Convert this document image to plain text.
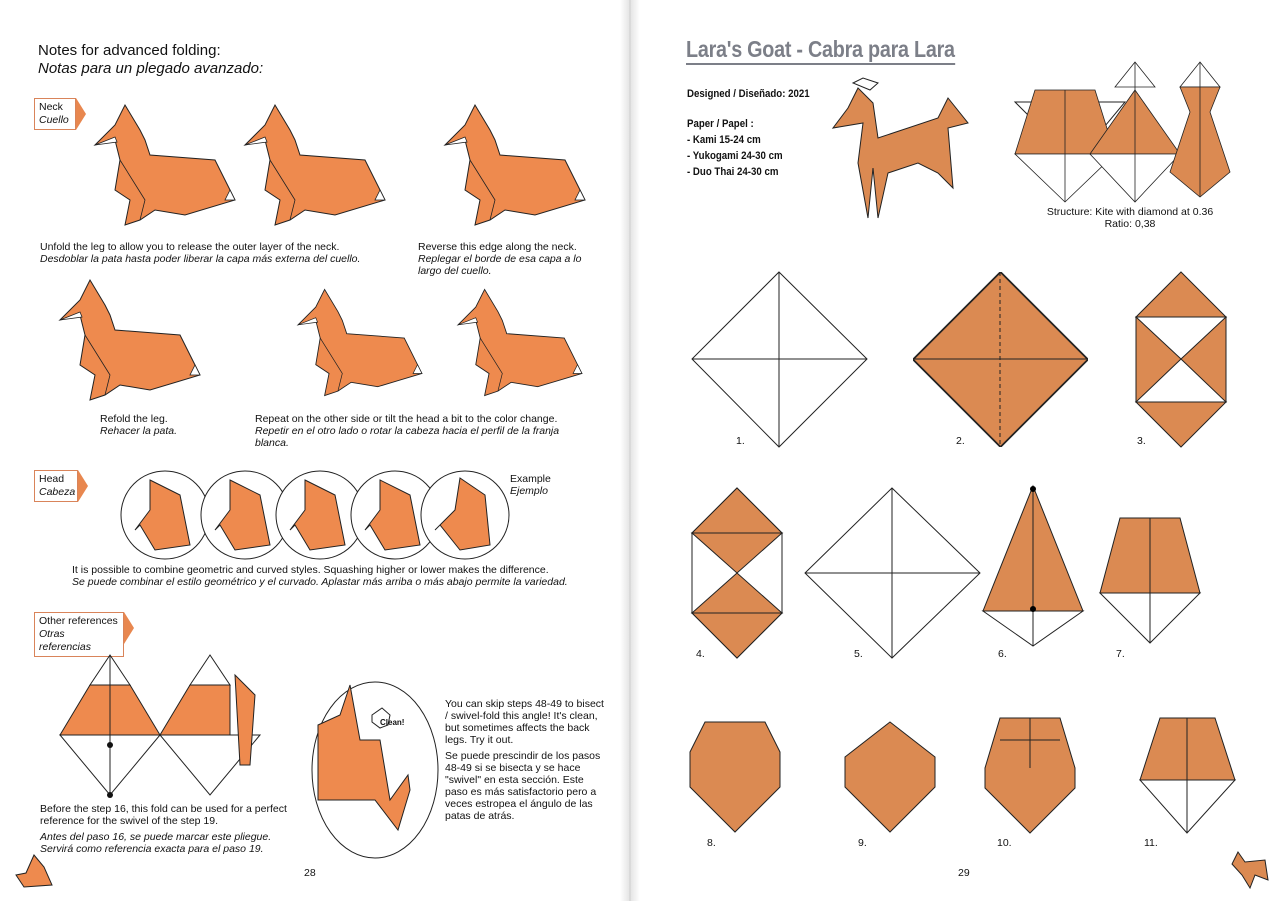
Notes for advanced folding:
Notas para un plegado avanzado:
Neck
Cuello
Unfold the leg to allow you to release the outer layer of the neck.
Desdoblar la pata hasta poder liberar la capa más externa del cuello.
Reverse this edge along the neck.
Replegar el borde de esa capa a lo largo del cuello.
Refold the leg.
Rehacer la pata.
Repeat on the other side or tilt the head a bit to the color change.
Repetir en el otro lado o rotar la cabeza hacia el perfil de la franja blanca.
Head
Cabeza
Example
Ejemplo
It is possible to combine geometric and curved styles. Squashing higher or lower makes the difference.
Se puede combinar el estilo geométrico y el curvado. Aplastar más arriba o más abajo permite la variedad.
Other references
Otras referencias
Before the step 16, this fold can be used for a perfect reference for the swivel of the step 19.
Antes del paso 16, se puede marcar este pliegue. Servirá como referencia exacta para el paso 19.
Clean!
You can skip steps 48-49 to bisect / swivel-fold this angle! It's clean, but sometimes affects the back legs. Try it out.
Se puede prescindir de los pasos 48-49 si se bisecta y se hace "swivel" en esta sección. Este paso es más satisfactorio pero a veces estropea el ángulo de las patas de atrás.
28
Lara's Goat - Cabra para Lara
Designed / Diseñado: 2021
Paper / Papel :
- Kami 15-24 cm
- Yukogami 24-30 cm
- Duo Thai 24-30 cm
Structure: Kite with diamond at 0.36
Ratio: 0,38
1.	2.	3.
4.	5.	6.	7.
8.	9.	10.	11.
29
